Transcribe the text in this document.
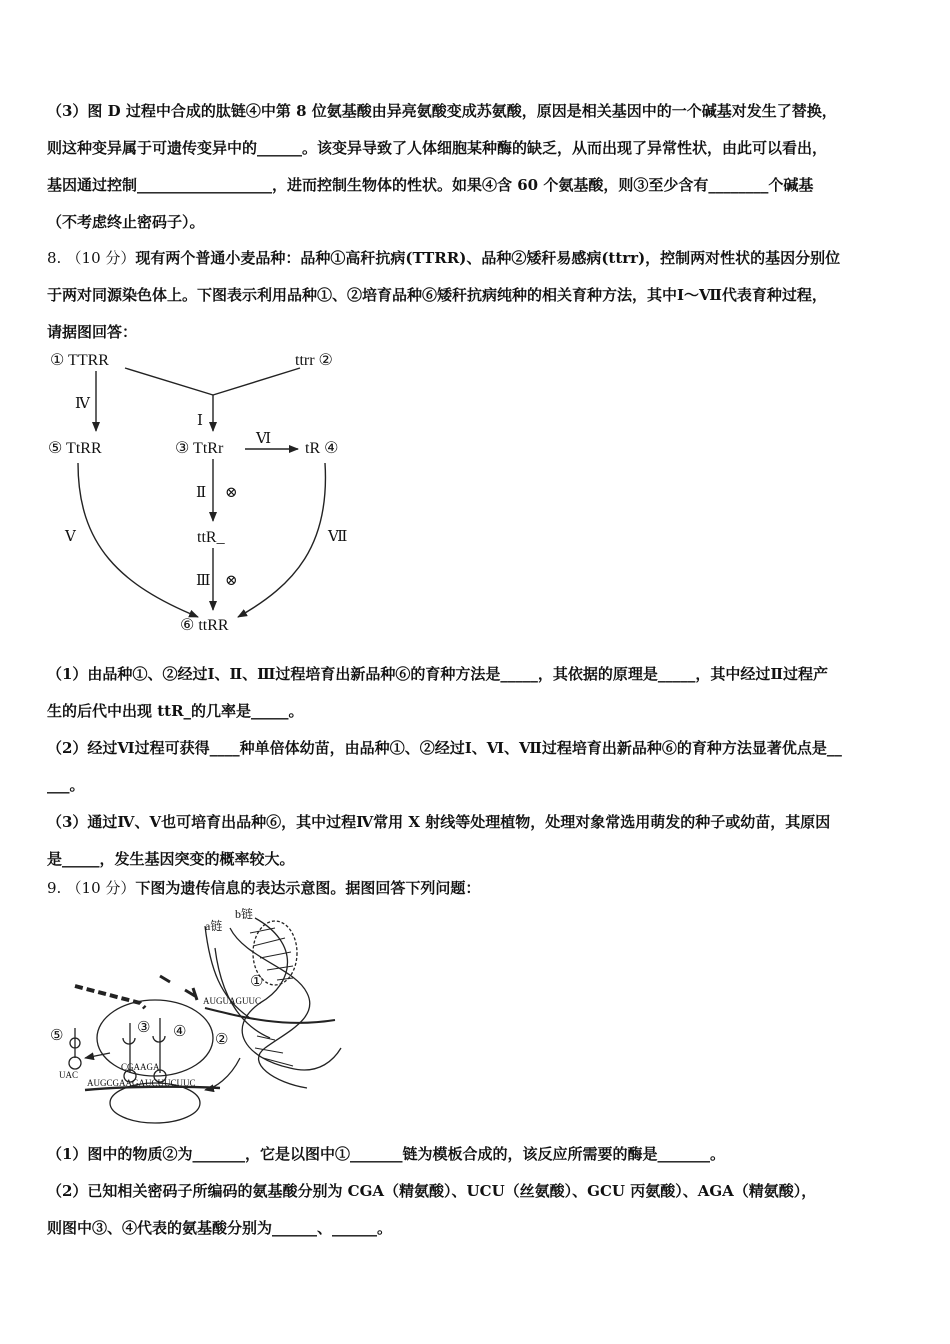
（3）图 D 过程中合成的肽链④中第 8 位氨基酸由异亮氨酸变成苏氨酸，原因是相关基因中的一个碱基对发生了替换，
则这种变异属于可遗传变异中的______。该变异导致了人体细胞某种酶的缺乏，从而出现了异常性状，由此可以看出，
基因通过控制__________________，进而控制生物体的性状。如果④含 60 个氨基酸，则③至少含有________个碱基
（不考虑终止密码子）。
8. （10 分）现有两个普通小麦品种：品种①高秆抗病(TTRR)、品种②矮秆易感病(ttrr)，控制两对性状的基因分别位
于两对同源染色体上。下图表示利用品种①、②培育品种⑥矮秆抗病纯种的相关育种方法，其中Ⅰ～Ⅶ代表育种过程，
请据图回答：
① TTRR	ttrr ②
⑤ TtRR	③ TtRr	tR ④
ttR_
⑥ ttRR
Ⅳ
Ⅰ
Ⅵ
Ⅱ ⊗
Ⅲ ⊗
Ⅴ	Ⅶ
（1）由品种①、②经过Ⅰ、Ⅱ、Ⅲ过程培育出新品种⑥的育种方法是_____，其依据的原理是_____，其中经过Ⅱ过程产
生的后代中出现 ttR_的几率是_____。
（2）经过Ⅵ过程可获得____种单倍体幼苗，由品种①、②经过Ⅰ、Ⅵ、Ⅶ过程培育出新品种⑥的育种方法显著优点是__
___。
（3）通过Ⅳ、Ⅴ也可培育出品种⑥，其中过程Ⅳ常用 X 射线等处理植物，处理对象常选用萌发的种子或幼苗，其原因
是_____，发生基因突变的概率较大。
9. （10 分）下图为遗传信息的表达示意图。据图回答下列问题：
b链
a链
①
②
③ ④
⑤
AUGUAGUUC
AUGCGAAGAUCUUCUUC
CGAAGA
UAC
（1）图中的物质②为_______，它是以图中①_______链为模板合成的，该反应所需要的酶是_______。
（2）已知相关密码子所编码的氨基酸分别为 CGA（精氨酸）、UCU（丝氨酸）、GCU 丙氨酸）、AGA（精氨酸），
则图中③、④代表的氨基酸分别为______、______。
